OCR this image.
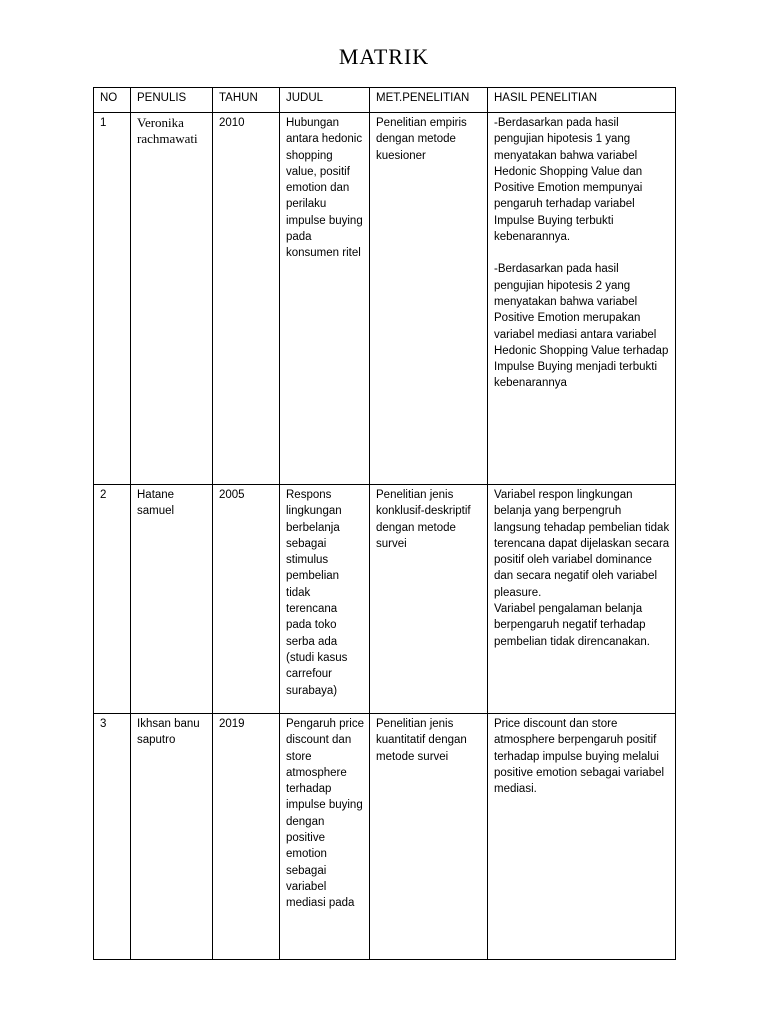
MATRIK
NO	PENULIS	TAHUN	JUDUL	MET.PENELITIAN	HASIL PENELITIAN
1	Veronika rachmawati	2010	Hubungan antara hedonic shopping value, positif emotion dan perilaku impulse buying pada konsumen ritel	Penelitian empiris dengan metode kuesioner	-Berdasarkan pada hasil pengujian hipotesis 1 yang menyatakan bahwa variabel Hedonic Shopping Value dan Positive Emotion mempunyai pengaruh terhadap variabel Impulse Buying terbukti kebenarannya.
-Berdasarkan pada hasil pengujian hipotesis 2 yang menyatakan bahwa variabel Positive Emotion merupakan variabel mediasi antara variabel Hedonic Shopping Value terhadap Impulse Buying menjadi terbukti kebenarannya
2	Hatane samuel	2005	Respons lingkungan berbelanja sebagai stimulus pembelian tidak terencana pada toko serba ada (studi kasus carrefour surabaya)	Penelitian jenis konklusif-deskriptif dengan metode survei	Variabel respon lingkungan belanja yang berpengruh langsung tehadap pembelian tidak terencana dapat dijelaskan secara positif oleh variabel dominance dan secara negatif oleh variabel pleasure.
Variabel pengalaman belanja berpengaruh negatif terhadap pembelian tidak direncanakan.
3	Ikhsan banu saputro	2019	Pengaruh price discount dan store atmosphere terhadap impulse buying dengan positive emotion sebagai variabel mediasi pada	Penelitian jenis kuantitatif dengan metode survei	Price discount dan store atmosphere berpengaruh positif terhadap impulse buying melalui positive emotion sebagai variabel mediasi.
